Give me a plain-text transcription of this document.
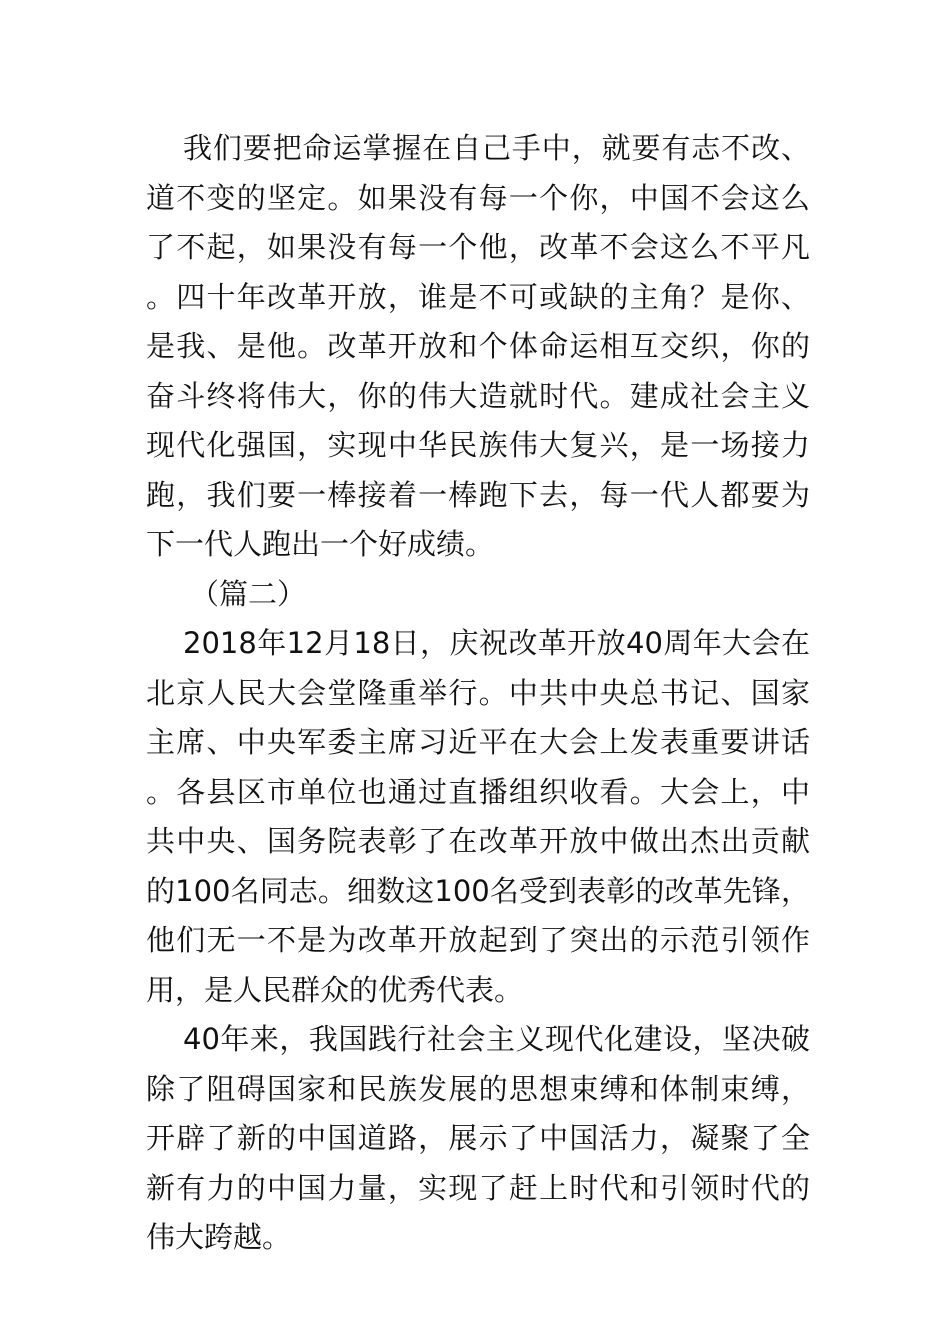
我们要把命运掌握在自己手中，就要有志不改、道不变的坚定。如果没有每一个你，中国不会这么了不起，如果没有每一个他，改革不会这么不平凡。四十年改革开放，谁是不可或缺的主角？是你、是我、是他。改革开放和个体命运相互交织，你的奋斗终将伟大，你的伟大造就时代。建成社会主义现代化强国，实现中华民族伟大复兴，是一场接力跑，我们要一棒接着一棒跑下去，每一代人都要为下一代人跑出一个好成绩。

（篇二）

2018年12月18日，庆祝改革开放40周年大会在北京人民大会堂隆重举行。中共中央总书记、国家主席、中央军委主席习近平在大会上发表重要讲话。各县区市单位也通过直播组织收看。大会上，中共中央、国务院表彰了在改革开放中做出杰出贡献的100名同志。细数这100名受到表彰的改革先锋，他们无一不是为改革开放起到了突出的示范引领作用，是人民群众的优秀代表。

40年来，我国践行社会主义现代化建设，坚决破除了阻碍国家和民族发展的思想束缚和体制束缚，开辟了新的中国道路，展示了中国活力，凝聚了全新有力的中国力量，实现了赶上时代和引领时代的伟大跨越。
